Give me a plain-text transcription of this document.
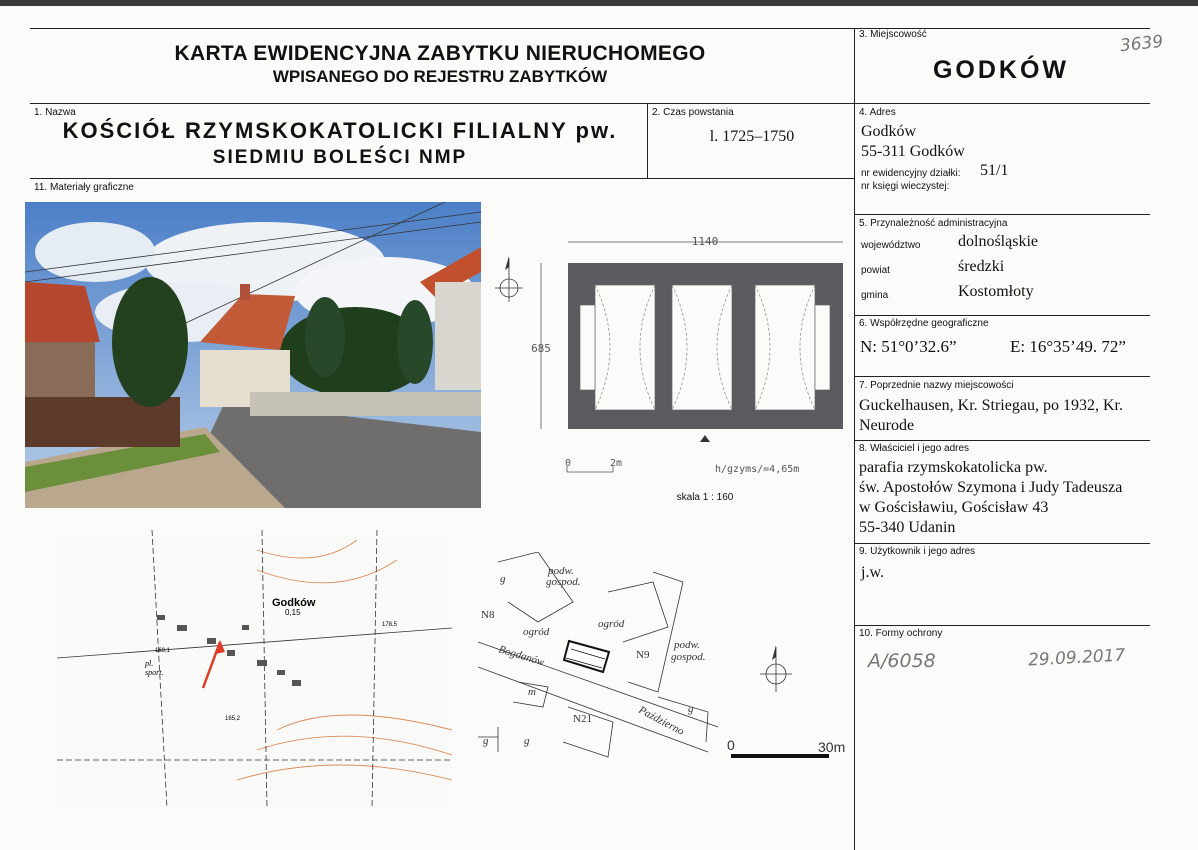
KARTA EWIDENCYJNA ZABYTKU NIERUCHOMEGO
WPISANEGO DO REJESTRU ZABYTKÓW
3. Miejscowość
GODKÓW
3639
1. Nazwa
KOŚCIÓŁ RZYMSKOKATOLICKI FILIALNY pw.
SIEDMIU BOLEŚCI NMP
2. Czas powstania
l. 1725–1750
4. Adres
Godków
55-311 Godków
nr ewidencyjny działki: 51/1
nr księgi wieczystej:
11. Materiały graficzne
5. Przynależność administracyjna
województwo dolnośląskie
powiat	średzki
gmina	Kostomłoty
6. Współrzędne geograficzne
N: 51°0’32.6”	E: 16°35’49. 72”
7. Poprzednie nazwy miejscowości
Guckelhausen, Kr. Striegau, po 1932, Kr.
Neurode
8. Właściciel i jego adres
parafia rzymskokatolicka pw.
św. Apostołów Szymona i Judy Tadeusza
w Gościsławiu, Gościsław 43
55-340 Udanin
9. Użytkownik i jego adres
j.w.
10. Formy ochrony
A/6058	29.09.2017
1140
685
0	2m
h/gzyms/=4,65m
skala 1 : 160
Godków
0,15
178,5
169,1
165,2
pl.
sport.
g
podw.
gospod.
N8
ogród
ogród
N9
podw.
gospod.
Bogdanów
m
Październo g
N21
g	g	0	30m
